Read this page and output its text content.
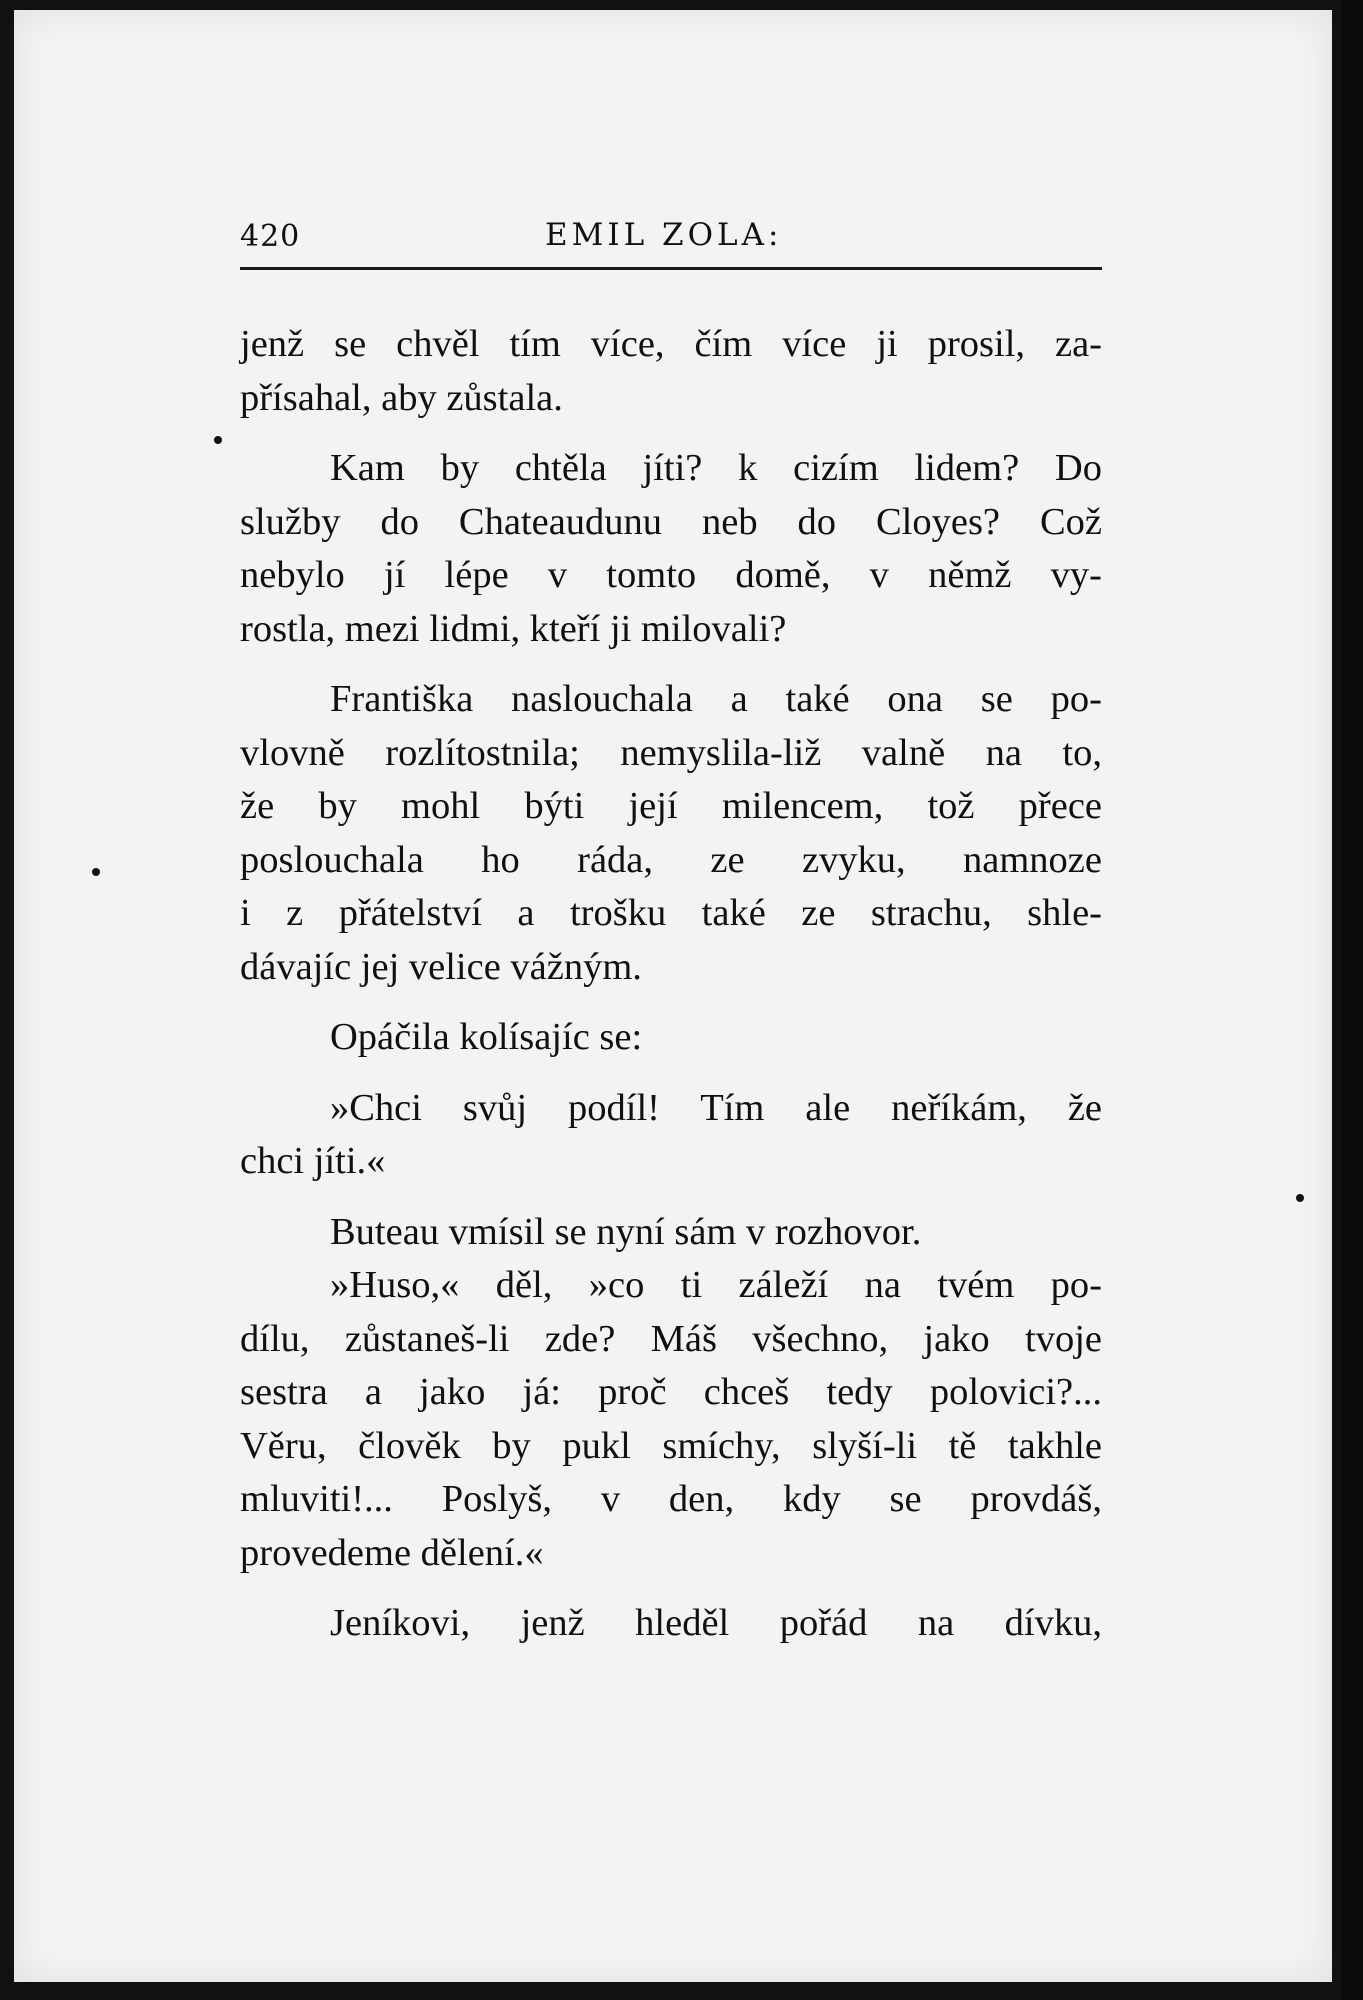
420	EMIL ZOLA:
jenž se chvěl tím více, čím více ji prosil, za-
přísahal, aby zůstala.
Kam by chtěla jíti? k cizím lidem? Do
služby do Chateaudunu neb do Cloyes? Což
nebylo jí lépe v tomto domě, v němž vy-
rostla, mezi lidmi, kteří ji milovali?
Františka naslouchala a také ona se po-
vlovně rozlítostnila; nemyslila-liž valně na to,
že by mohl býti její milencem, tož přece
poslouchala ho ráda, ze zvyku, namnoze
i z přátelství a trošku také ze strachu, shle-
dávajíc jej velice vážným.
Opáčila kolísajíc se:
»Chci svůj podíl! Tím ale neříkám, že
chci jíti.«
Buteau vmísil se nyní sám v rozhovor.
»Huso,« děl, »co ti záleží na tvém po-
dílu, zůstaneš-li zde? Máš všechno, jako tvoje
sestra a jako já: proč chceš tedy polovici?...
Věru, člověk by pukl smíchy, slyší-li tě takhle
mluviti!... Poslyš, v den, kdy se provdáš,
provedeme dělení.«
Jeníkovi, jenž hleděl pořád na dívku,
